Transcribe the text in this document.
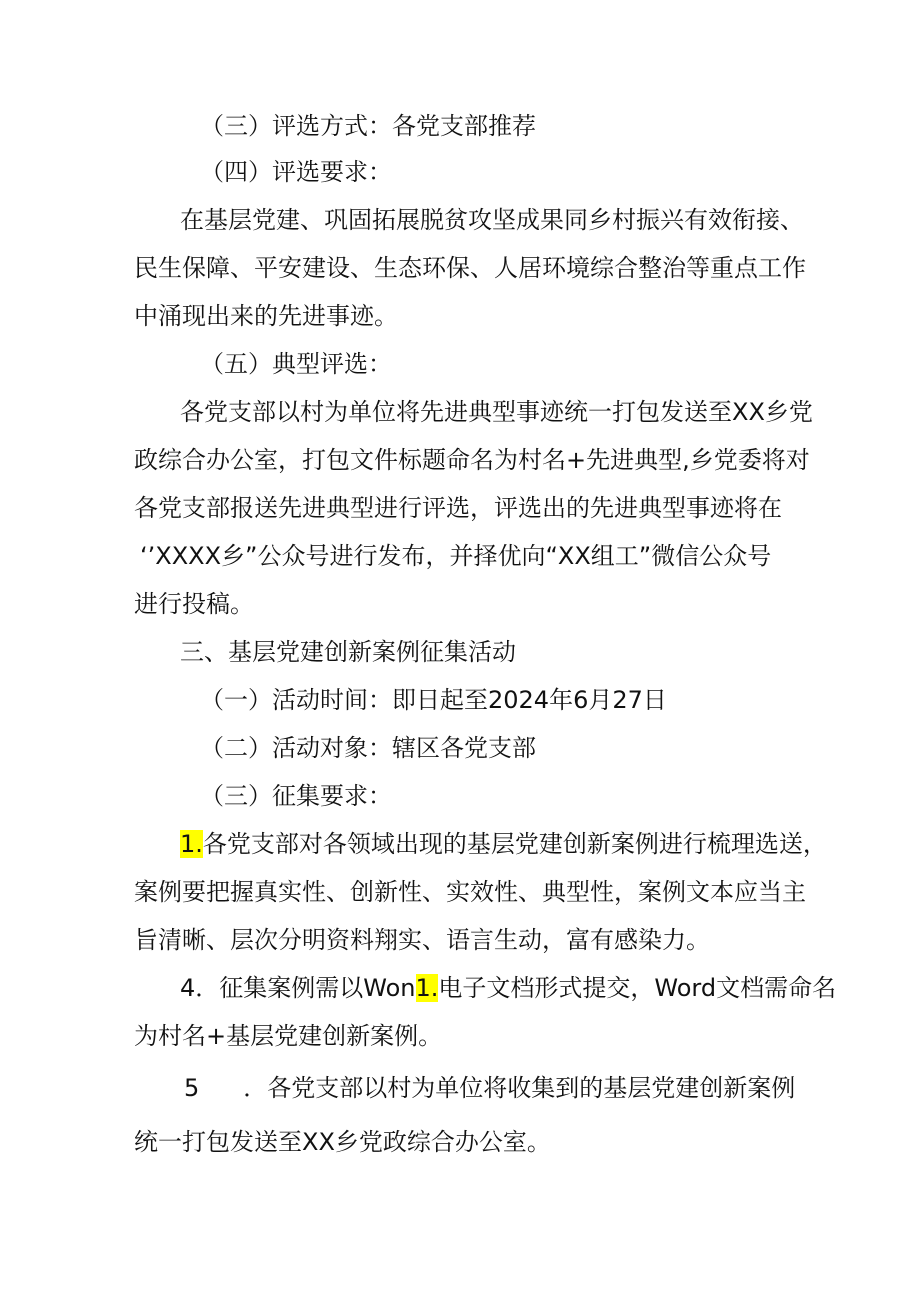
（三）评选方式：各党支部推荐
（四）评选要求：
在基层党建、巩固拓展脱贫攻坚成果同乡村振兴有效衔接、
民生保障、平安建设、生态环保、人居环境综合整治等重点工作
中涌现出来的先进事迹。
（五）典型评选：
各党支部以村为单位将先进典型事迹统一打包发送至XX乡党
政综合办公室，打包文件标题命名为村名+先进典型,乡党委将对
各党支部报送先进典型进行评选，评选出的先进典型事迹将在
‘’XXXX乡”公众号进行发布，并择优向“XX组工”微信公众号
进行投稿。
三、基层党建创新案例征集活动
（一）活动时间：即日起至2024年6月27日
（二）活动对象：辖区各党支部
（三）征集要求：
1.各党支部对各领域出现的基层党建创新案例进行梳理选送，
案例要把握真实性、创新性、实效性、典型性，案例文本应当主
旨清晰、层次分明资料翔实、语言生动，富有感染力。
4．征集案例需以Won1.电子文档形式提交，Word文档需命名
为村名+基层党建创新案例。
5 ．各党支部以村为单位将收集到的基层党建创新案例
统一打包发送至XX乡党政综合办公室。
